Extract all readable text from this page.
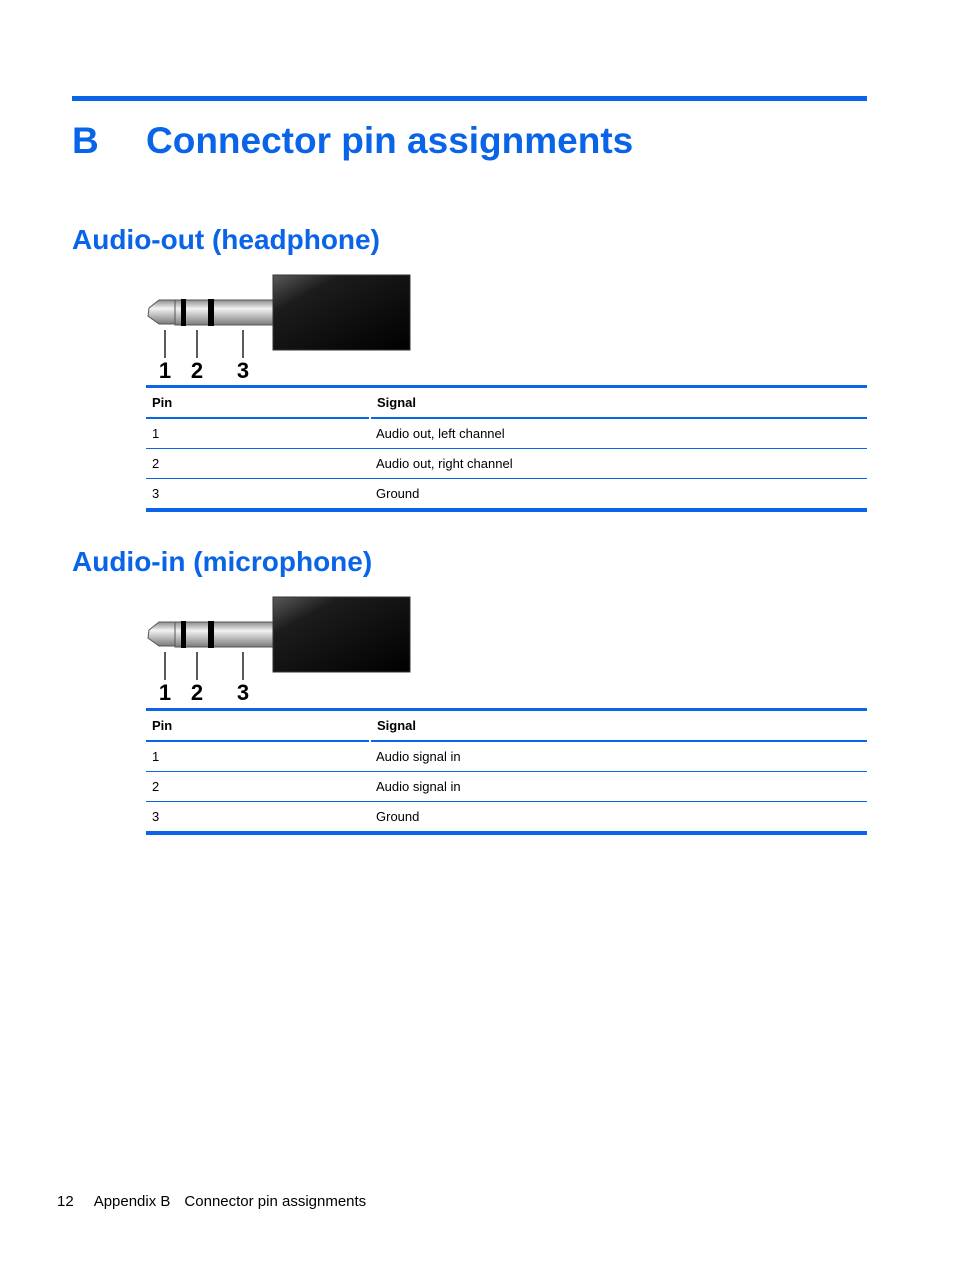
B Connector pin assignments
Audio-out (headphone)
1 2 3
Pin	Signal
1	Audio out, left channel
2	Audio out, right channel
3	Ground
Audio-in (microphone)
1 2 3
Pin	Signal
1	Audio signal in
2	Audio signal in
3	Ground
12 Appendix B Connector pin assignments
